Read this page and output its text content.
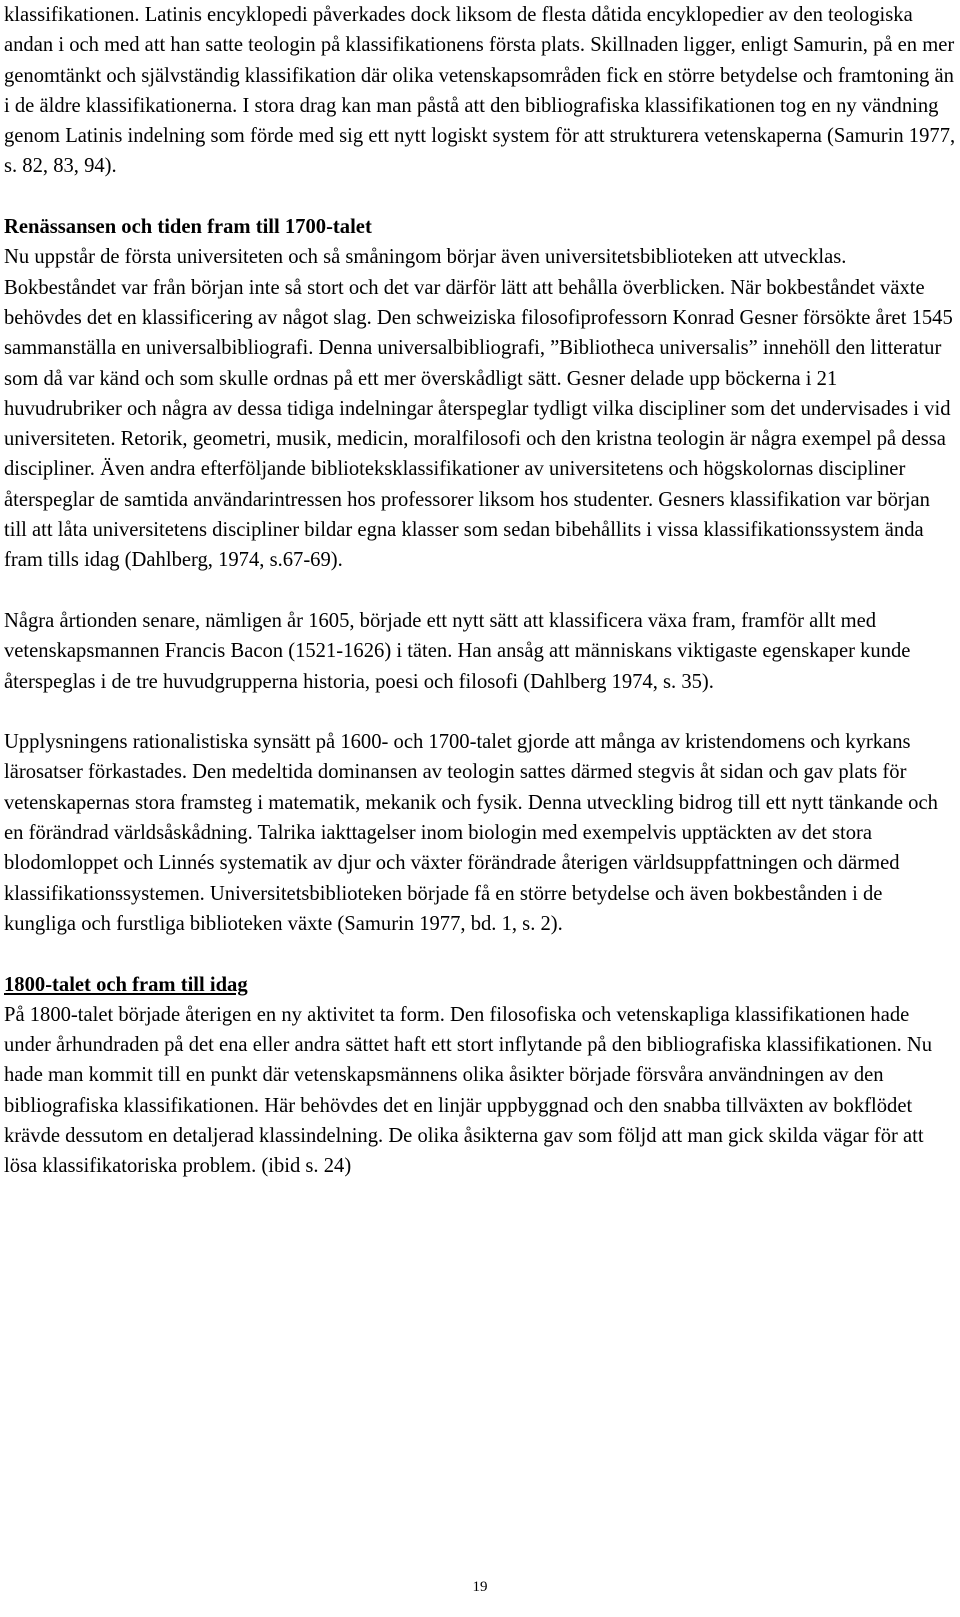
klassifikationen. Latinis encyklopedi påverkades dock liksom de flesta dåtida encyklopedier av den teologiska andan i och med att han satte teologin på klassifikationens första plats. Skillnaden ligger, enligt Samurin, på en mer genomtänkt och självständig klassifikation där olika vetenskapsområden fick en större betydelse och framtoning än i de äldre klassifikationerna. I stora drag kan man påstå att den bibliografiska klassifikationen tog en ny vändning genom Latinis indelning som förde med sig ett nytt logiskt system för att strukturera vetenskaperna (Samurin 1977, s. 82, 83, 94).

Renässansen och tiden fram till 1700-talet

Nu uppstår de första universiteten och så småningom börjar även universitetsbiblioteken att utvecklas. Bokbeståndet var från början inte så stort och det var därför lätt att behålla överblicken. När bokbeståndet växte behövdes det en klassificering av något slag. Den schweiziska filosofiprofessorn Konrad Gesner försökte året 1545 sammanställa en universalbibliografi. Denna universalbibliografi, ”Bibliotheca universalis” innehöll den litteratur som då var känd och som skulle ordnas på ett mer överskådligt sätt. Gesner delade upp böckerna i 21 huvudrubriker och några av dessa tidiga indelningar återspeglar tydligt vilka discipliner som det undervisades i vid universiteten. Retorik, geometri, musik, medicin, moralfilosofi och den kristna teologin är några exempel på dessa discipliner. Även andra efterföljande biblioteksklassifikationer av universitetens och högskolornas discipliner återspeglar de samtida användarintressen hos professorer liksom hos studenter. Gesners klassifikation var början till att låta universitetens discipliner bildar egna klasser som sedan bibehållits i vissa klassifikationssystem ända fram tills idag (Dahlberg, 1974, s.67-69).

Några årtionden senare, nämligen år 1605, började ett nytt sätt att klassificera växa fram, framför allt med vetenskapsmannen Francis Bacon (1521-1626) i täten. Han ansåg att människans viktigaste egenskaper kunde återspeglas i de tre huvudgrupperna historia, poesi och filosofi (Dahlberg 1974, s. 35).

Upplysningens rationalistiska synsätt på 1600- och 1700-talet gjorde att många av kristendomens och kyrkans lärosatser förkastades. Den medeltida dominansen av teologin sattes därmed stegvis åt sidan och gav plats för vetenskapernas stora framsteg i matematik, mekanik och fysik. Denna utveckling bidrog till ett nytt tänkande och en förändrad världsåskådning. Talrika iakttagelser inom biologin med exempelvis upptäckten av det stora blodomloppet och Linnés systematik av djur och växter förändrade återigen världsuppfattningen och därmed klassifikationssystemen. Universitetsbiblioteken började få en större betydelse och även bokbestånden i de kungliga och furstliga biblioteken växte (Samurin 1977, bd. 1, s. 2).

1800-talet och fram till idag

På 1800-talet började återigen en ny aktivitet ta form. Den filosofiska och vetenskapliga klassifikationen hade under århundraden på det ena eller andra sättet haft ett stort inflytande på den bibliografiska klassifikationen. Nu hade man kommit till en punkt där vetenskapsmännens olika åsikter började försvåra användningen av den bibliografiska klassifikationen. Här behövdes det en linjär uppbyggnad och den snabba tillväxten av bokflödet krävde dessutom en detaljerad klassindelning. De olika åsikterna gav som följd att man gick skilda vägar för att lösa klassifikatoriska problem. (ibid s. 24)

19
